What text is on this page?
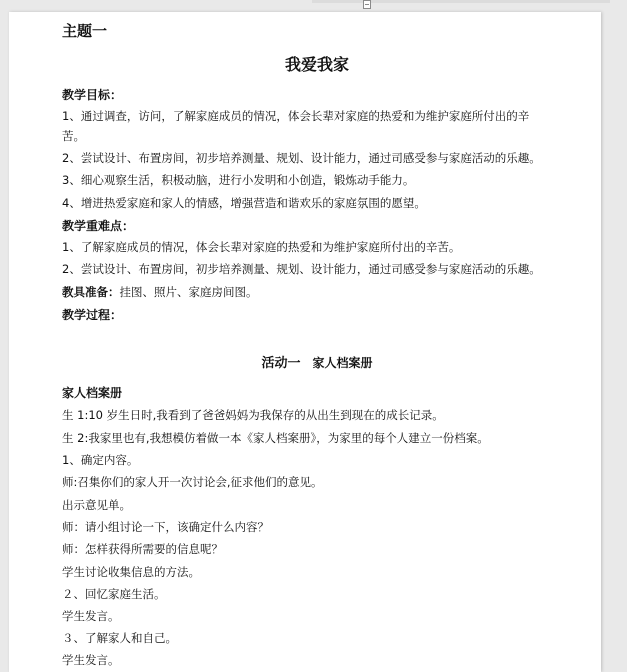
主题一
我爱我家
教学目标：
1、通过调查，访问，了解家庭成员的情况，体会长辈对家庭的热爱和为维护家庭所付出的辛
苦。
2、尝试设计、布置房间，初步培养测量、规划、设计能力，通过司感受参与家庭活动的乐趣。
3、细心观察生活，积极动脑，进行小发明和小创造，锻炼动手能力。
4、增进热爱家庭和家人的情感，增强营造和谐欢乐的家庭氛围的愿望。
教学重难点：
1、了解家庭成员的情况，体会长辈对家庭的热爱和为维护家庭所付出的辛苦。
2、尝试设计、布置房间，初步培养测量、规划、设计能力，通过司感受参与家庭活动的乐趣。
教具准备：挂图、照片、家庭房间图。
教学过程：
活动一 家人档案册
家人档案册
生 1:10 岁生日时,我看到了爸爸妈妈为我保存的从出生到现在的成长记录。
生 2:我家里也有,我想模仿着做一本《家人档案册》，为家里的每个人建立一份档案。
1、确定内容。
师:召集你们的家人开一次讨论会,征求他们的意见。
出示意见单。
师：请小组讨论一下，该确定什么内容？
师：怎样获得所需要的信息呢？
学生讨论收集信息的方法。
２、回忆家庭生活。
学生发言。
３、了解家人和自己。
学生发言。
